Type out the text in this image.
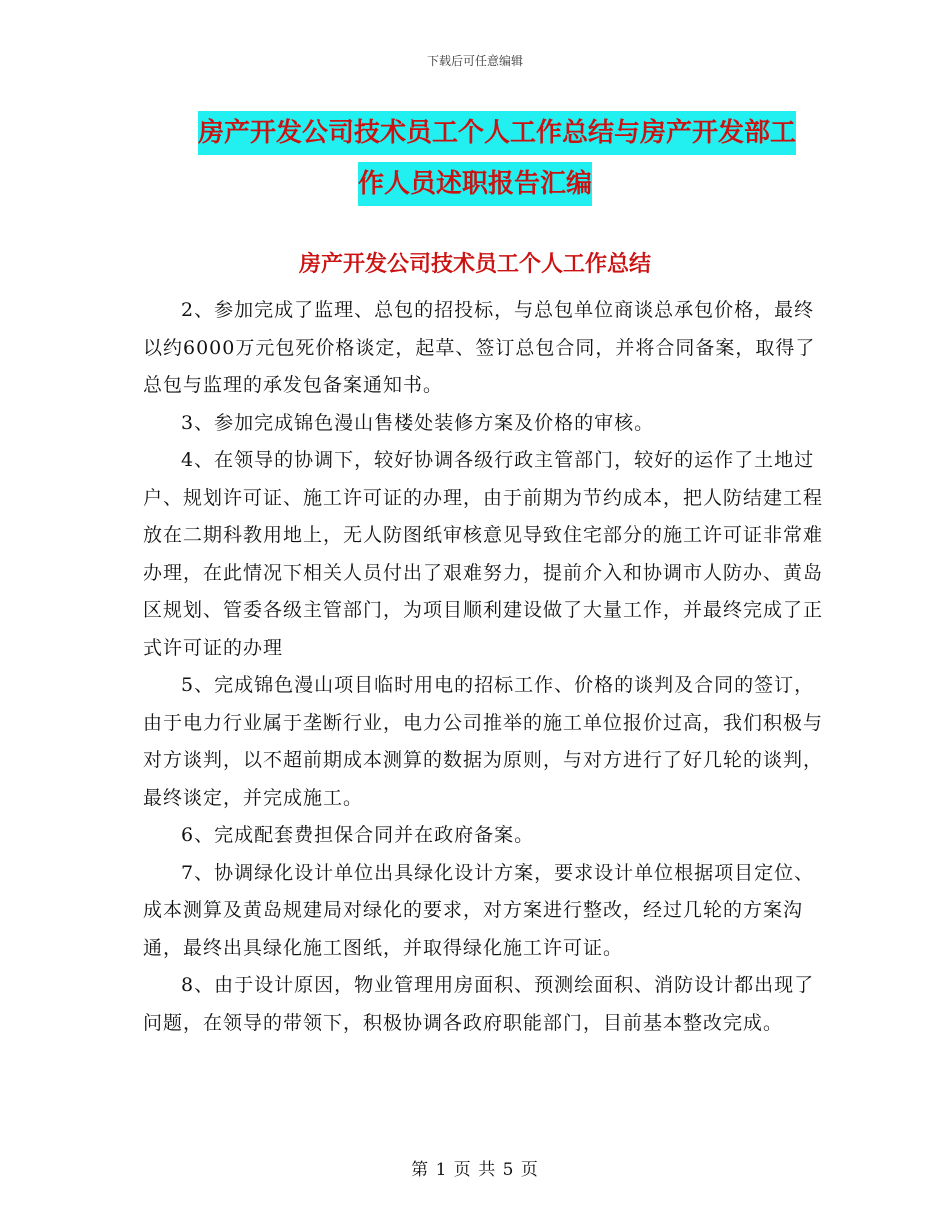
下载后可任意编辑
房产开发公司技术员工个人工作总结与房产开发部工
作人员述职报告汇编
房产开发公司技术员工个人工作总结

2、参加完成了监理、总包的招投标，与总包单位商谈总承包价格，最终以约6000万元包死价格谈定，起草、签订总包合同，并将合同备案，取得了总包与监理的承发包备案通知书。

3、参加完成锦色漫山售楼处装修方案及价格的审核。

4、在领导的协调下，较好协调各级行政主管部门，较好的运作了土地过户、规划许可证、施工许可证的办理，由于前期为节约成本，把人防结建工程放在二期科教用地上，无人防图纸审核意见导致住宅部分的施工许可证非常难办理，在此情况下相关人员付出了艰难努力，提前介入和协调市人防办、黄岛区规划、管委各级主管部门，为项目顺利建设做了大量工作，并最终完成了正式许可证的办理

5、完成锦色漫山项目临时用电的招标工作、价格的谈判及合同的签订，由于电力行业属于垄断行业，电力公司推举的施工单位报价过高，我们积极与对方谈判，以不超前期成本测算的数据为原则，与对方进行了好几轮的谈判，最终谈定，并完成施工。

6、完成配套费担保合同并在政府备案。

7、协调绿化设计单位出具绿化设计方案，要求设计单位根据项目定位、成本测算及黄岛规建局对绿化的要求，对方案进行整改，经过几轮的方案沟通，最终出具绿化施工图纸，并取得绿化施工许可证。

8、由于设计原因，物业管理用房面积、预测绘面积、消防设计都出现了问题，在领导的带领下，积极协调各政府职能部门，目前基本整改完成。

第 1 页 共 5 页
